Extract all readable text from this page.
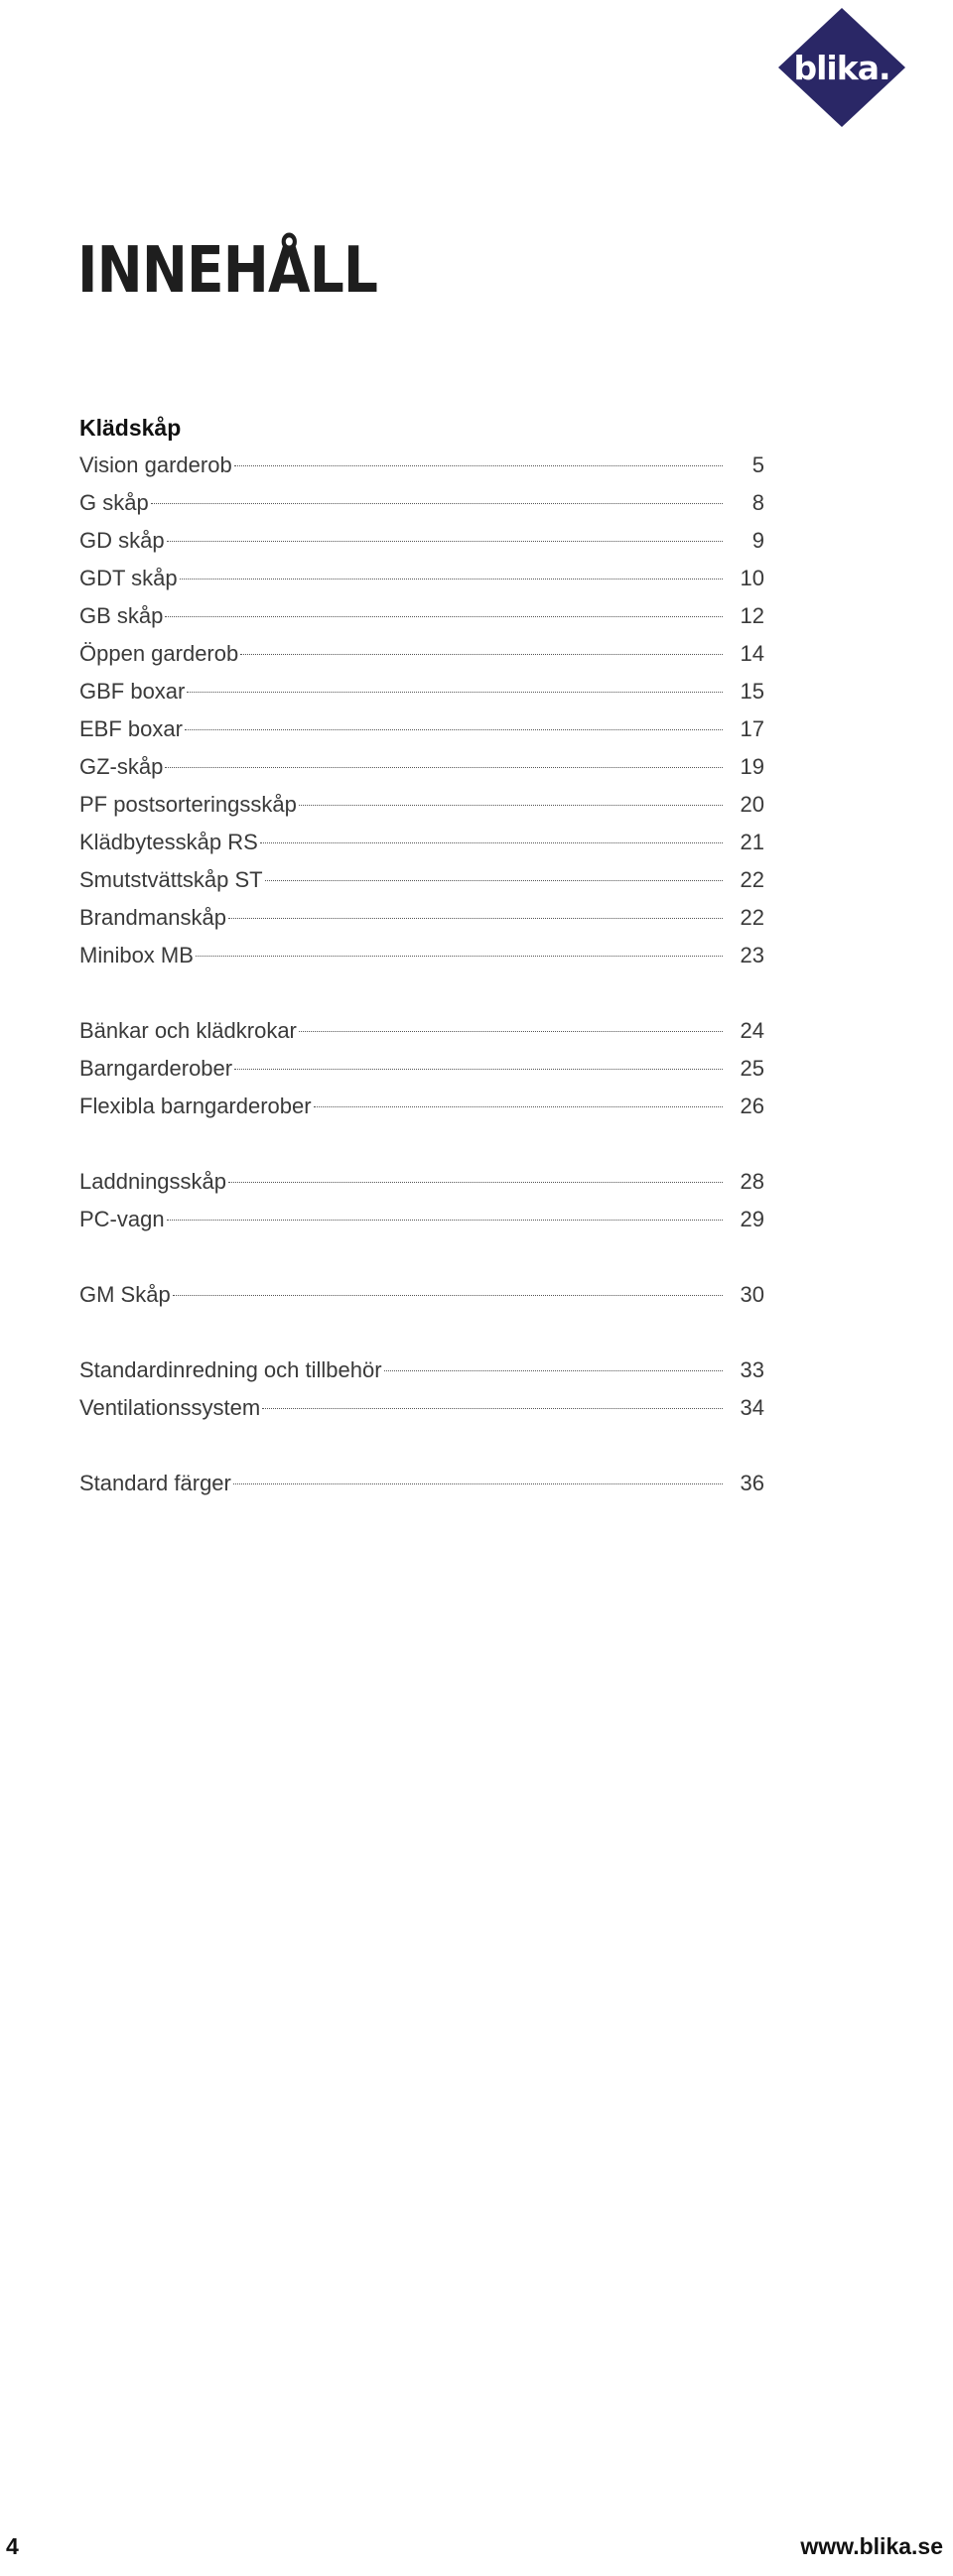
blika.
INNEHÅLL
Klädskåp
Vision garderob	5
G skåp	8
GD skåp	9
GDT skåp	10
GB skåp	12
Öppen garderob	14
GBF boxar	15
EBF boxar	17
GZ-skåp	19
PF postsorteringsskåp	20
Klädbytesskåp RS	21
Smutstvättskåp ST	22
Brandmanskåp	22
Minibox MB	23
Bänkar och klädkrokar	24
Barngarderober	25
Flexibla barngarderober	26
Laddningsskåp	28
PC-vagn	29
GM Skåp	30
Standardinredning och tillbehör	33
Ventilationssystem	34
Standard färger	36
4	www.blika.se
